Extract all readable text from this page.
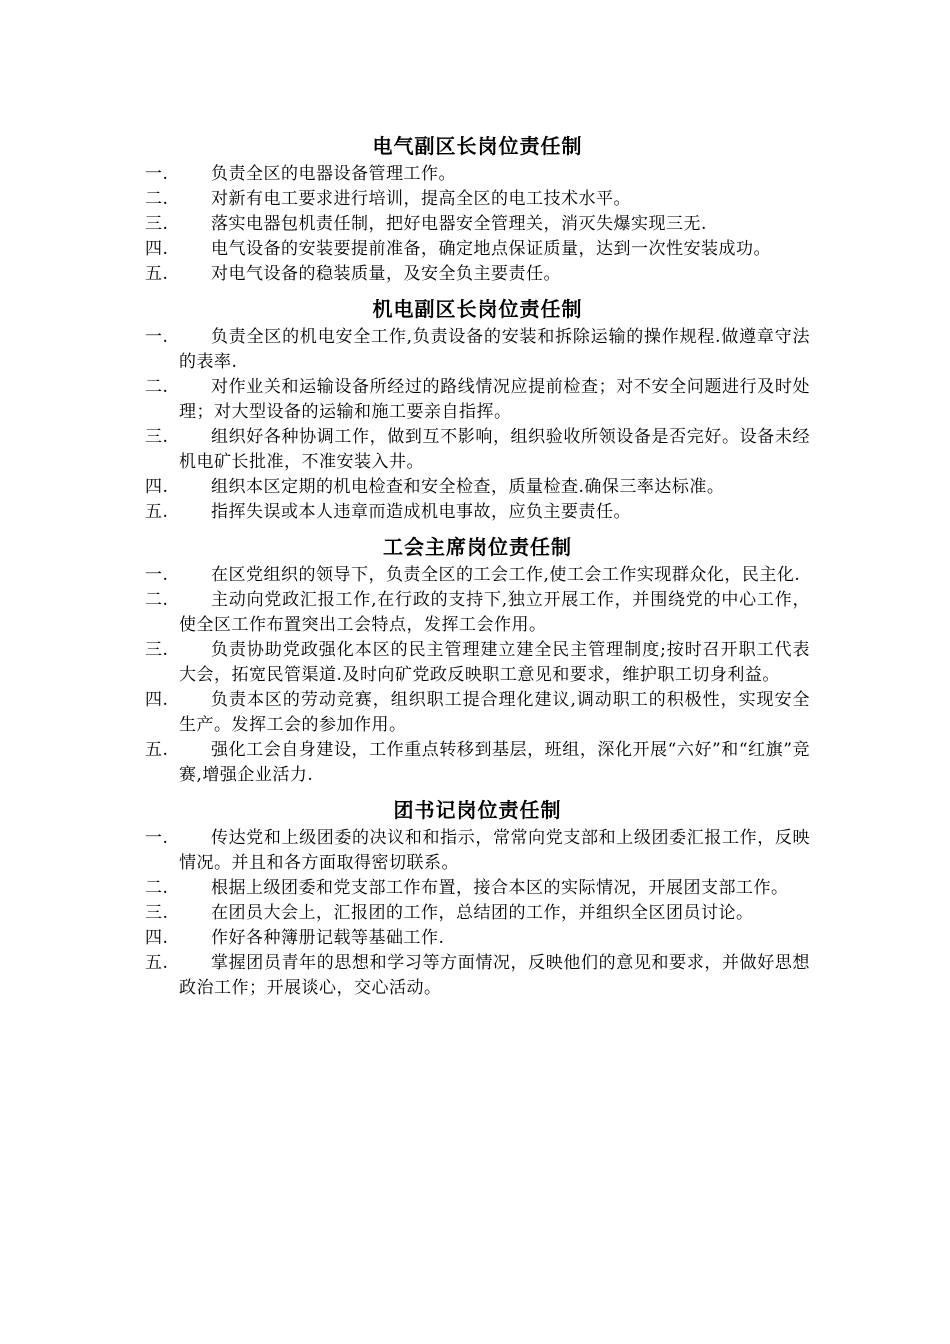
电气副区长岗位责任制
一.	负责全区的电器设备管理工作。
二.	对新有电工要求进行培训，提高全区的电工技术水平。
三.	落实电器包机责任制，把好电器安全管理关，消灭失爆实现三无.
四.	电气设备的安装要提前准备，确定地点保证质量，达到一次性安装成功。
五.	对电气设备的稳装质量，及安全负主要责任。
机电副区长岗位责任制
一.	负责全区的机电安全工作,负责设备的安装和拆除运输的操作规程.做遵章守法的表率.
二.	对作业关和运输设备所经过的路线情况应提前检查；对不安全问题进行及时处理；对大型设备的运输和施工要亲自指挥。
三.	组织好各种协调工作，做到互不影响，组织验收所领设备是否完好。设备未经机电矿长批准，不准安装入井。
四.	组织本区定期的机电检查和安全检查，质量检查.确保三率达标准。
五.	指挥失误或本人违章而造成机电事故，应负主要责任。
工会主席岗位责任制
一.	在区党组织的领导下，负责全区的工会工作,使工会工作实现群众化，民主化.
二.	主动向党政汇报工作,在行政的支持下,独立开展工作，并围绕党的中心工作，使全区工作布置突出工会特点，发挥工会作用。
三.	负责协助党政强化本区的民主管理建立建全民主管理制度;按时召开职工代表大会，拓宽民管渠道.及时向矿党政反映职工意见和要求，维护职工切身利益。
四.	负责本区的劳动竞赛，组织职工提合理化建议,调动职工的积极性，实现安全生产。发挥工会的参加作用。
五.	强化工会自身建设，工作重点转移到基层，班组，深化开展“六好”和“红旗”竞赛,增强企业活力.
团书记岗位责任制
一.	传达党和上级团委的决议和和指示，常常向党支部和上级团委汇报工作，反映情况。并且和各方面取得密切联系。
二.	根据上级团委和党支部工作布置，接合本区的实际情况，开展团支部工作。
三.	在团员大会上，汇报团的工作，总结团的工作，并组织全区团员讨论。
四.	作好各种簿册记载等基础工作.
五.	掌握团员青年的思想和学习等方面情况，反映他们的意见和要求，并做好思想政治工作；开展谈心，交心活动。
